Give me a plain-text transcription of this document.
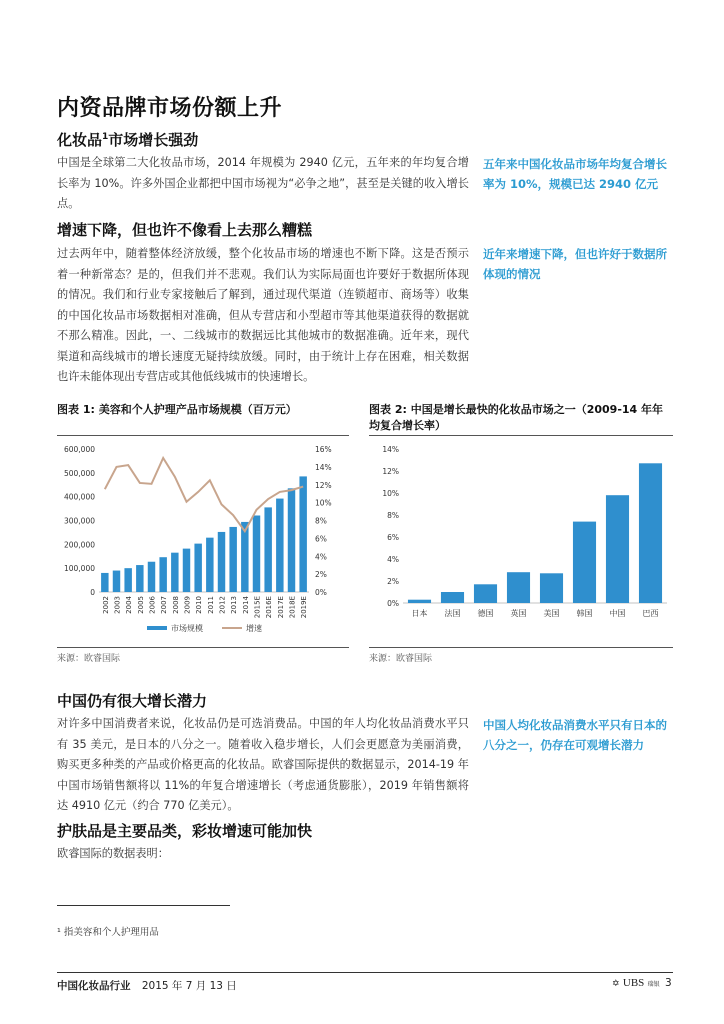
内资品牌市场份额上升
化妆品$^1$市场增长强劲
中国是全球第二大化妆品市场，2014 年规模为 2940 亿元，五年来的年均复合增长率为 10%。许多外国企业都把中国市场视为“必争之地”，甚至是关键的收入增长点。
五年来中国化妆品市场年均复合增长率为 10%，规模已达 2940 亿元
增速下降，但也许不像看上去那么糟糕
过去两年中，随着整体经济放缓，整个化妆品市场的增速也不断下降。这是否预示着一种新常态？是的，但我们并不悲观。我们认为实际局面也许要好于数据所体现的情况。我们和行业专家接触后了解到，通过现代渠道（连锁超市、商场等）收集的中国化妆品市场数据相对准确，但从专营店和小型超市等其他渠道获得的数据就不那么精准。因此，一、二线城市的数据远比其他城市的数据准确。近年来，现代渠道和高线城市的增长速度无疑持续放缓。同时，由于统计上存在困难，相关数据也许未能体现出专营店或其他低线城市的快速增长。
近年来增速下降，但也许好于数据所体现的情况
图表 1: 美容和个人护理产品市场规模（百万元）
600,000
500,000
400,000
300,000
200,000
100,000
0
16%
14%
12%
10%
8%
6%
4%
2%
0%
2002 2003 2004 2005 2006 2007 2008 2009 2010 2011 2012 2013 2014 2015E 2016E 2017E 2018E 2019E
市场规模	增速
来源：欧睿国际
图表 2: 中国是增长最快的化妆品市场之一（2009-14 年年均复合增长率）
14%
12%
10%
8%
6%
4%
2%
0%
日本 法国 德国 英国 美国 韩国 中国 巴西
来源：欧睿国际
中国仍有很大增长潜力
对许多中国消费者来说，化妆品仍是可选消费品。中国的年人均化妆品消费水平只有 35 美元，是日本的八分之一。随着收入稳步增长，人们会更愿意为美丽消费，购买更多种类的产品或价格更高的化妆品。欧睿国际提供的数据显示，2014-19 年中国市场销售额将以 11%的年复合增速增长（考虑通货膨胀），2019 年销售额将达 4910 亿元（约合 770 亿美元）。
中国人均化妆品消费水平只有日本的八分之一，仍存在可观增长潜力
护肤品是主要品类，彩妆增速可能加快
欧睿国际的数据表明：
¹ 指美容和个人护理用品
中国化妆品行业 2015 年 7 月 13 日	✡ UBS 瑞银 3
